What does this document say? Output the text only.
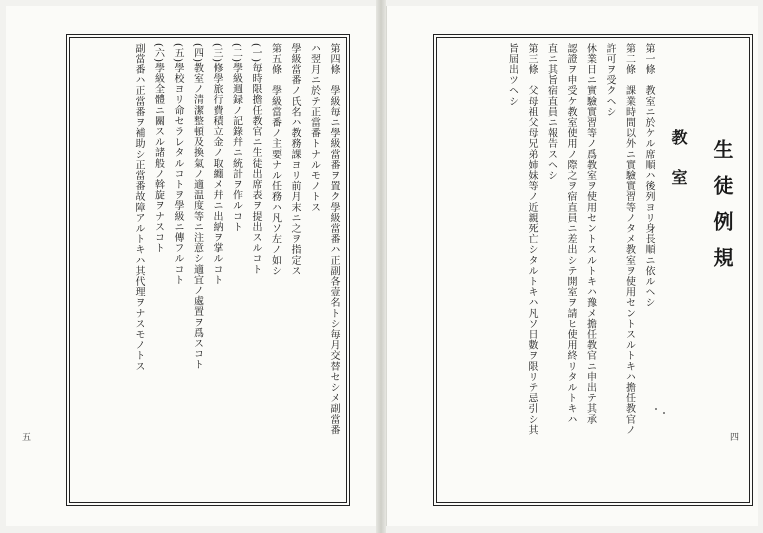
第四條　學級毎ニ學級當番ヲ置ク學級當番ハ正副各壹名トシ毎月交替セシメ副當番
ハ翌月ニ於テ正當番トナルモノトス
學級當番ノ氏名ハ教務課ヨリ前月末ニ之ヲ指定ス
第五條　學級當番ノ主要ナル任務ハ凡ソ左ノ如シ
(一)毎時限擔任教官ニ生徒出席表ヲ提出スルコト
(二)學級週録ノ記錄幷ニ統計ヲ作ルコト
(三)修學旅行費積立金ノ取纏メ幷ニ出納ヲ掌ルコト
(四)教室ノ清潔整頓及換氣ノ適温度等ニ注意シ適宜ノ處置ヲ爲スコト
(五)學校ヨリ命セラレタルコトヲ學級ニ傳フルコト
(六)學級全體ニ關スル諸般ノ斡旋ヲナスコト
副當番ハ正當番ヲ補助シ正當番故障アルトキハ其代理ヲナスモノトス
五
生徒例規
教室
第一條　教室ニ於ケル席順ハ後列ヨリ身長順ニ依ルヘシ
第二條　課業時間以外ニ實驗實習等ノタメ教室ヲ使用セントスルトキハ擔任教官ノ
許可ヲ受クヘシ
休業日ニ實驗實習等ノ爲教室ヲ使用セントスルトキハ豫メ擔任教官ニ申出テ其承
認證ヲ申受ケ教室使用ノ際之ヲ宿直員ニ差出シテ開室ヲ請ヒ使用終リタルトキハ
直ニ其旨宿直員ニ報告スヘシ
第三條　父母祖父母兄弟姉妹等ノ近親死亡シタルトキハ凡ソ日數ヲ限リテ忌引シ其
旨屆出ツヘシ
四
